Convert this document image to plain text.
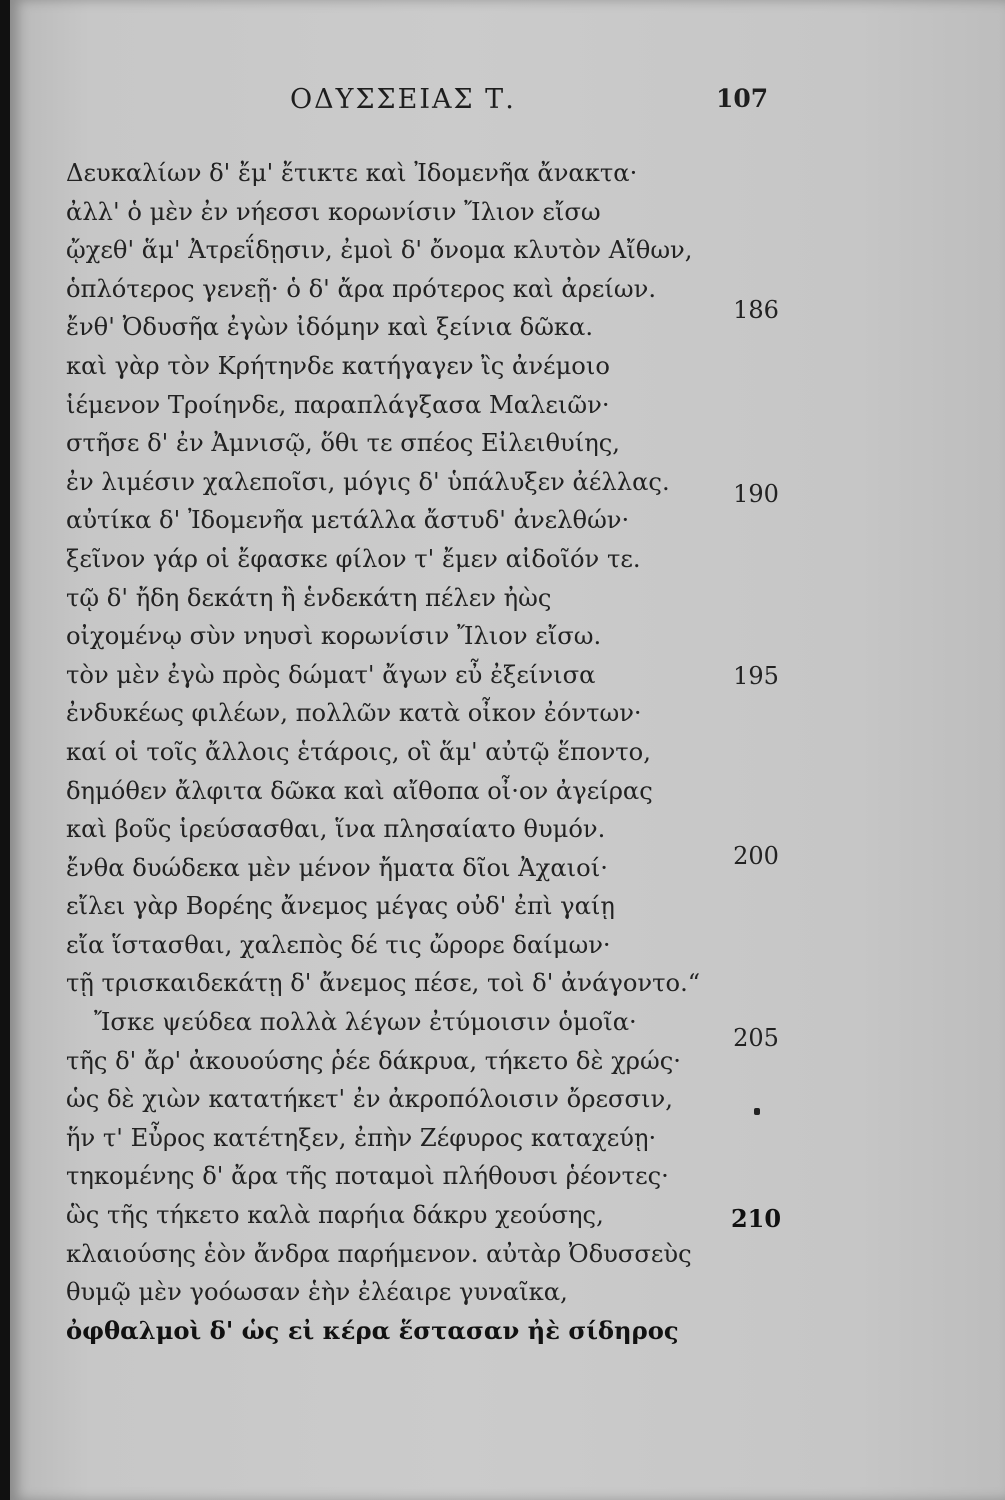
ΟΔΥΣΣΕΙΑΣ Τ.	107
Δευκαλίων δ' ἔμ' ἔτικτε καὶ Ἰδομενῆα ἄνακτα·
ἀλλ' ὁ μὲν ἐν νήεσσι κορωνίσιν Ἴλιον εἴσω
ᾤχεθ' ἅμ' Ἀτρεΐδῃσιν, ἐμοὶ δ' ὄνομα κλυτὸν Αἴθων,
ὁπλότερος γενεῇ· ὁ δ' ἄρα πρότερος καὶ ἀρείων.
ἔνθ' Ὀδυσῆα ἐγὼν ἰδόμην καὶ ξείνια δῶκα.
καὶ γὰρ τὸν Κρήτηνδε κατήγαγεν ἲς ἀνέμοιο
ἱέμενον Τροίηνδε, παραπλάγξασα Μαλειῶν·
στῆσε δ' ἐν Ἀμνισῷ, ὅθι τε σπέος Εἰλειθυίης,
ἐν λιμέσιν χαλεποῖσι, μόγις δ' ὑπάλυξεν ἀέλλας.
αὐτίκα δ' Ἰδομενῆα μετάλλα ἄστυδ' ἀνελθών·
ξεῖνον γάρ οἱ ἔφασκε φίλον τ' ἔμεν αἰδοῖόν τε.
τῷ δ' ἤδη δεκάτη ἢ ἑνδεκάτη πέλεν ἠὼς
οἰχομένῳ σὺν νηυσὶ κορωνίσιν Ἴλιον εἴσω.
τὸν μὲν ἐγὼ πρὸς δώματ' ἄγων εὖ ἐξείνισα
ἐνδυκέως φιλέων, πολλῶν κατὰ οἶκον ἐόντων·
καί οἱ τοῖς ἄλλοις ἑτάροις, οἳ ἅμ' αὐτῷ ἕποντο,
δημόθεν ἄλφιτα δῶκα καὶ αἴθοπα οἶ·ον ἀγείρας
καὶ βοῦς ἱρεύσασθαι, ἵνα πλησαίατο θυμόν.
ἔνθα δυώδεκα μὲν μένον ἤματα δῖοι Ἀχαιοί·
εἴλει γὰρ Βορέης ἄνεμος μέγας οὐδ' ἐπὶ γαίῃ
εἴα ἵστασθαι, χαλεπὸς δέ τις ὤρορε δαίμων·
τῇ τρισκαιδεκάτῃ δ' ἄνεμος πέσε, τοὶ δ' ἀνάγοντο.“
Ἴσκε ψεύδεα πολλὰ λέγων ἐτύμοισιν ὁμοῖα·
τῆς δ' ἄρ' ἀκουούσης ῥέε δάκρυα, τήκετο δὲ χρώς·
ὡς δὲ χιὼν κατατήκετ' ἐν ἀκροπόλοισιν ὄρεσσιν,
ἥν τ' Εὖρος κατέτηξεν, ἐπὴν Ζέφυρος καταχεύῃ·
τηκομένης δ' ἄρα τῆς ποταμοὶ πλήθουσι ῥέοντες·
ὣς τῆς τήκετο καλὰ παρήια δάκρυ χεούσης,
κλαιούσης ἑὸν ἄνδρα παρήμενον. αὐτὰρ Ὀδυσσεὺς
θυμῷ μὲν γοόωσαν ἑὴν ἐλέαιρε γυναῖκα,
ὀφθαλμοὶ δ' ὡς εἰ κέρα ἕστασαν ἠὲ σίδηρος
186
190
195
200
205
210
